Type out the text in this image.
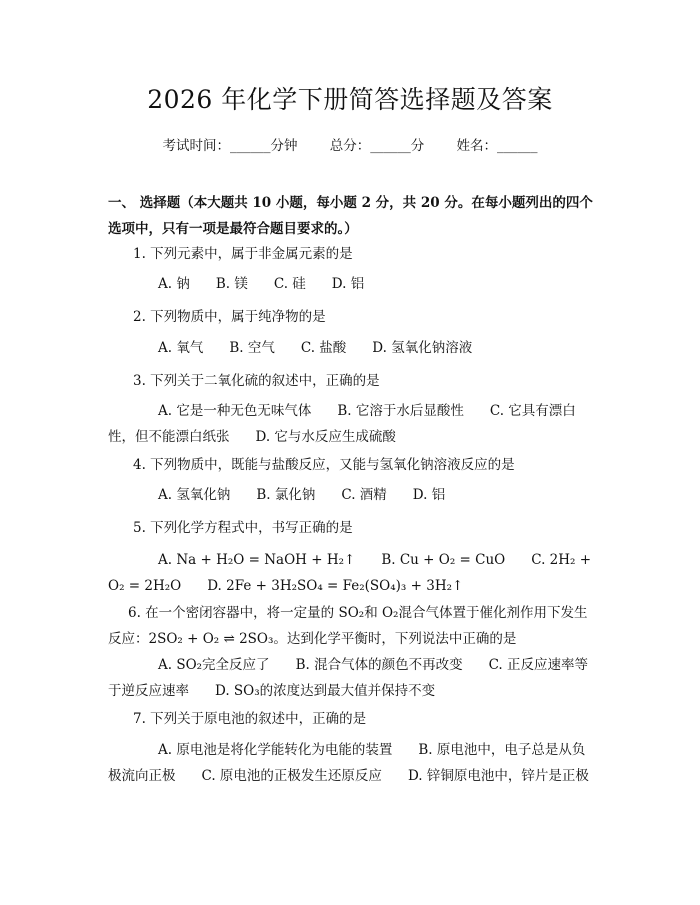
2026 年化学下册简答选择题及答案
考试时间：______分钟 总分：______分 姓名：______
一、 选择题（本大题共 10 小题，每小题 2 分，共 20 分。在每小题列出的四个选项中，只有一项是最符合题目要求的。）
1. 下列元素中，属于非金属元素的是
A. 钠 B. 镁 C. 硅 D. 铝
2. 下列物质中，属于纯净物的是
A. 氧气 B. 空气 C. 盐酸 D. 氢氧化钠溶液
3. 下列关于二氧化硫的叙述中，正确的是
A. 它是一种无色无味气体 B. 它溶于水后显酸性 C. 它具有漂白性，但不能漂白纸张 D. 它与水反应生成硫酸
4. 下列物质中，既能与盐酸反应，又能与氢氧化钠溶液反应的是
A. 氢氧化钠 B. 氯化钠 C. 酒精 D. 铝
5. 下列化学方程式中，书写正确的是
A. Na + H₂O = NaOH + H₂↑ B. Cu + O₂ = CuO C. 2H₂ + O₂ = 2H₂O D. 2Fe + 3H₂SO₄ = Fe₂(SO₄)₃ + 3H₂↑
6. 在一个密闭容器中，将一定量的 SO₂和 O₂混合气体置于催化剂作用下发生反应：2SO₂ + O₂ ⇌ 2SO₃。达到化学平衡时，下列说法中正确的是
A. SO₂完全反应了 B. 混合气体的颜色不再改变 C. 正反应速率等于逆反应速率 D. SO₃的浓度达到最大值并保持不变
7. 下列关于原电池的叙述中，正确的是
A. 原电池是将化学能转化为电能的装置 B. 原电池中，电子总是从负极流向正极 C. 原电池的正极发生还原反应 D. 锌铜原电池中，锌片是正极
